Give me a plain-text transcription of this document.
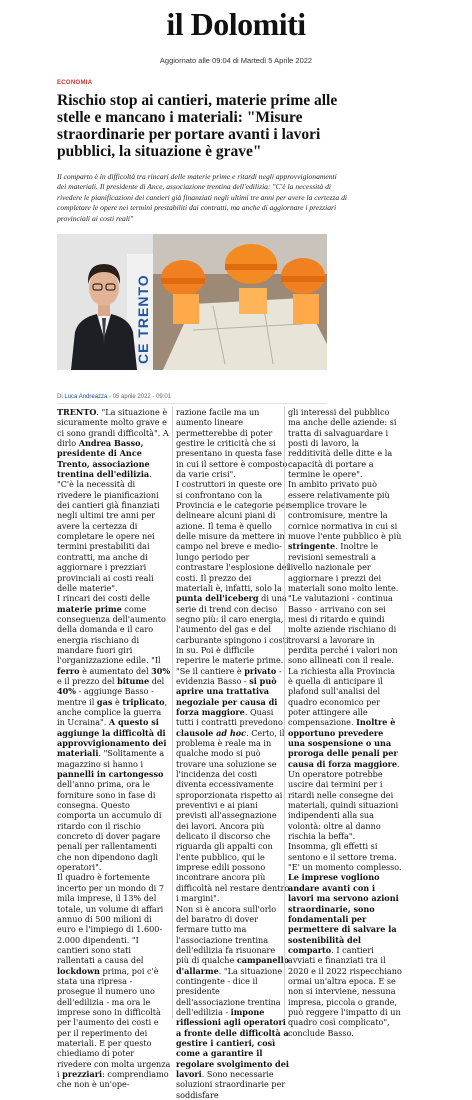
il Dolomiti
Aggiornato alle 09:04 di Martedì 5 Aprile 2022
ECONOMIA
Rischio stop ai cantieri, materie prime alle stelle e mancano i materiali: "Misure straordinarie per portare avanti i lavori pubblici, la situazione è grave"
Il comparto è in difficoltà tra rincari delle materie prime e ritardi negli approvvigionamenti dei materiali. Il presidente di Ance, associazione trentina dell'edilizia: "C'è la necessità di rivedere le pianificazioni dei cantieri già finanziati negli ultimi tre anni per avere la certezza di completare le opere nei termini prestabiliti dai contratti, ma anche di aggiornare i prezziari provinciali ai costi reali"
CE TRENTO
Di Luca Andreazza - 05 aprile 2022 - 09:01

TRENTO. "La situazione è sicuramente molto grave e ci sono grandi difficoltà". A dirlo Andrea Basso, presidente di Ance Trento, associazione trentina dell'edilizia. "C'è la necessità di rivedere le pianificazioni dei cantieri già finanziati negli ultimi tre anni per avere la certezza di completare le opere nei termini prestabiliti dai contratti, ma anche di aggiornare i prezziari provinciali ai costi reali delle materie".

I rincari dei costi delle materie prime come conseguenza dell'aumento della domanda e il caro energia rischiano di mandare fuori giri l'organizzazione edile. "Il ferro è aumentato del 30% e il prezzo del bitume del 40% - aggiunge Basso - mentre il gas è triplicato, anche complice la guerra in Ucraina". A questo si aggiunge la difficoltà di approvvigionamento dei materiali. "Solitamente a magazzino si hanno i pannelli in cartongesso dell'anno prima, ora le forniture sono in fase di consegna. Questo comporta un accumulo di ritardo con il rischio concreto di dover pagare penali per rallentamenti che non dipendono dagli operatori".

Il quadro è fortemente incerto per un mondo di 7 mila imprese, il 13% del totale, un volume di affari annuo di 500 milioni di euro e l'impiego di 1.600-2.000 dipendenti. "I cantieri sono stati rallentati a causa del lockdown prima, poi c'è stata una ripresa - prosegue il numero uno dell'edilizia - ma ora le imprese sono in difficoltà per l'aumento dei costi e per il reperimento dei materiali. E per questo chiediamo di poter rivedere con molta urgenza i prezziari: comprendiamo che non è un'ope-

razione facile ma un aumento lineare permetterebbe di poter gestire le criticità che si presentano in questa fase in cui il settore è composto da varie crisi".

I costruttori in queste ore si confrontano con la Provincia e le categorie per delineare alcuni piani di azione. Il tema è quello delle misure da mettere in campo nel breve e medio-lungo periodo per contrastare l'esplosione dei costi. Il prezzo dei materiali è, infatti, solo la punta dell'iceberg di una serie di trend con deciso segno più: il caro energia, l'aumento del gas e del carburante spingono i costi in su. Poi è difficile reperire le materie prime.

"Se il cantiere è privato - evidenzia Basso - si può aprire una trattativa negoziale per causa di forza maggiore. Quasi tutti i contratti prevedono clausole ad hoc. Certo, il problema è reale ma in qualche modo si può trovare una soluzione se l'incidenza dei costi diventa eccessivamente sproporzionata rispetto ai preventivi e ai piani previsti all'assegnazione dei lavori. Ancora più delicato il discorso che riguarda gli appalti con l'ente pubblico, qui le imprese edili possono incontrare ancora più difficoltà nel restare dentro i margini".

Non si è ancora sull'orlo del baratro di dover fermare tutto ma l'associazione trentina dell'edilizia fa risuonare più di qualche campanello d'allarme. "La situazione contingente - dice il presidente dell'associazione trentina dell'edilizia - impone riflessioni agli operatori a fronte delle difficoltà a gestire i cantieri, così come a garantire il regolare svolgimento dei lavori. Sono necessarie soluzioni straordinarie per soddisfare

gli interessi del pubblico ma anche delle aziende: si tratta di salvaguardare i posti di lavoro, la redditività delle ditte e la capacità di portare a termine le opere".

In ambito privato può essere relativamente più semplice trovare le contromisure, mentre la cornice normativa in cui si muove l'ente pubblico è più stringente. Inoltre le revisioni semestrali a livello nazionale per aggiornare i prezzi dei materiali sono molto lente.

"Le valutazioni - continua Basso - arrivano con sei mesi di ritardo e quindi molte aziende rischiano di trovarsi a lavorare in perdita perché i valori non sono allineati con il reale. La richiesta alla Provincia è quella di anticipare il plafond sull'analisi del quadro economico per poter attingere alle compensazione. Inoltre è opportuno prevedere una sospensione o una proroga delle penali per causa di forza maggiore. Un operatore potrebbe uscire dai termini per i ritardi nelle consegne dei materiali, quindi situazioni indipendenti alla sua volontà: oltre al danno rischia la beffa".

Insomma, gli effetti si sentono e il settore trema. "E' un momento complesso. Le imprese vogliono andare avanti con i lavori ma servono azioni straordinarie, sono fondamentali per permettere di salvare la sostenibilità del comparto. I cantieri avviati e finanziati tra il 2020 e il 2022 rispecchiano ormai un'altra epoca. E se non si interviene, nessuna impresa, piccola o grande, può reggere l'impatto di un quadro così complicato", conclude Basso.
